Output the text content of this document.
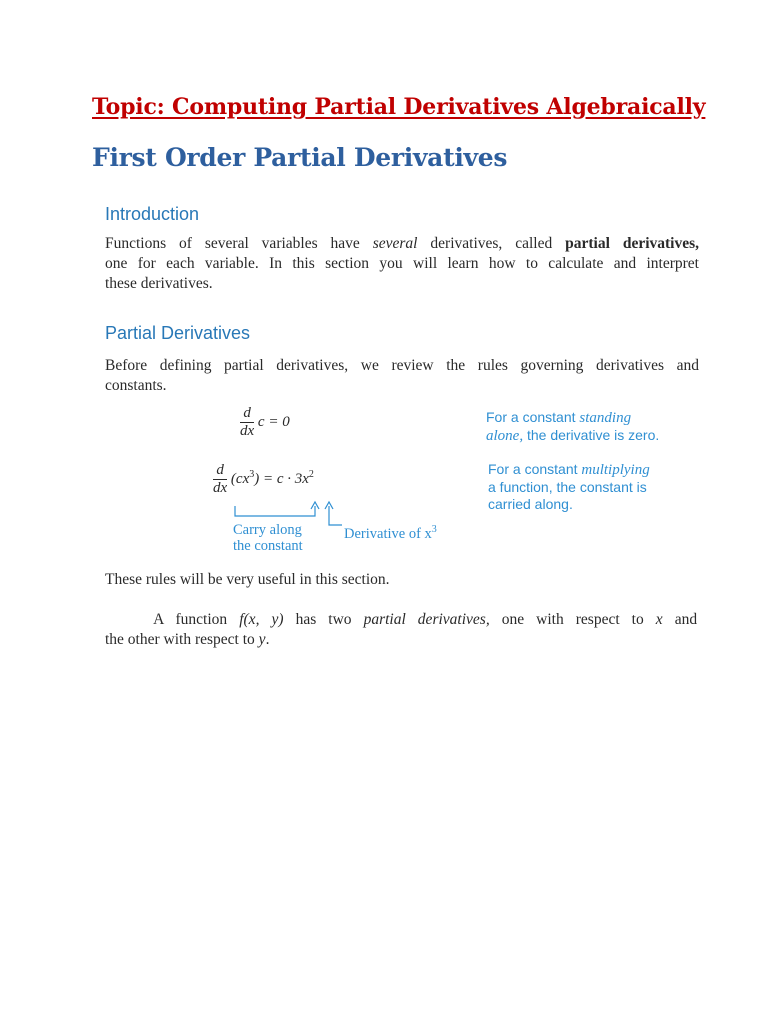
Topic: Computing Partial Derivatives Algebraically
First Order Partial Derivatives
Introduction
Functions of several variables have several derivatives, called partial derivatives,
one for each variable. In this section you will learn how to calculate and interpret
these derivatives.
Partial Derivatives
Before defining partial derivatives, we review the rules governing derivatives and
constants.
$\frac{d}{dx}$ c = 0	For a constant standing
alone, the derivative is zero.
$\frac{d}{dx} (cx^3) = c \cdot 3x^2$	For a constant multiplying
a function, the constant is
carried along.
Carry along
the constant
Derivative of $x^3$
These rules will be very useful in this section.
A function f(x, y) has two partial derivatives, one with respect to x and
the other with respect to y.
